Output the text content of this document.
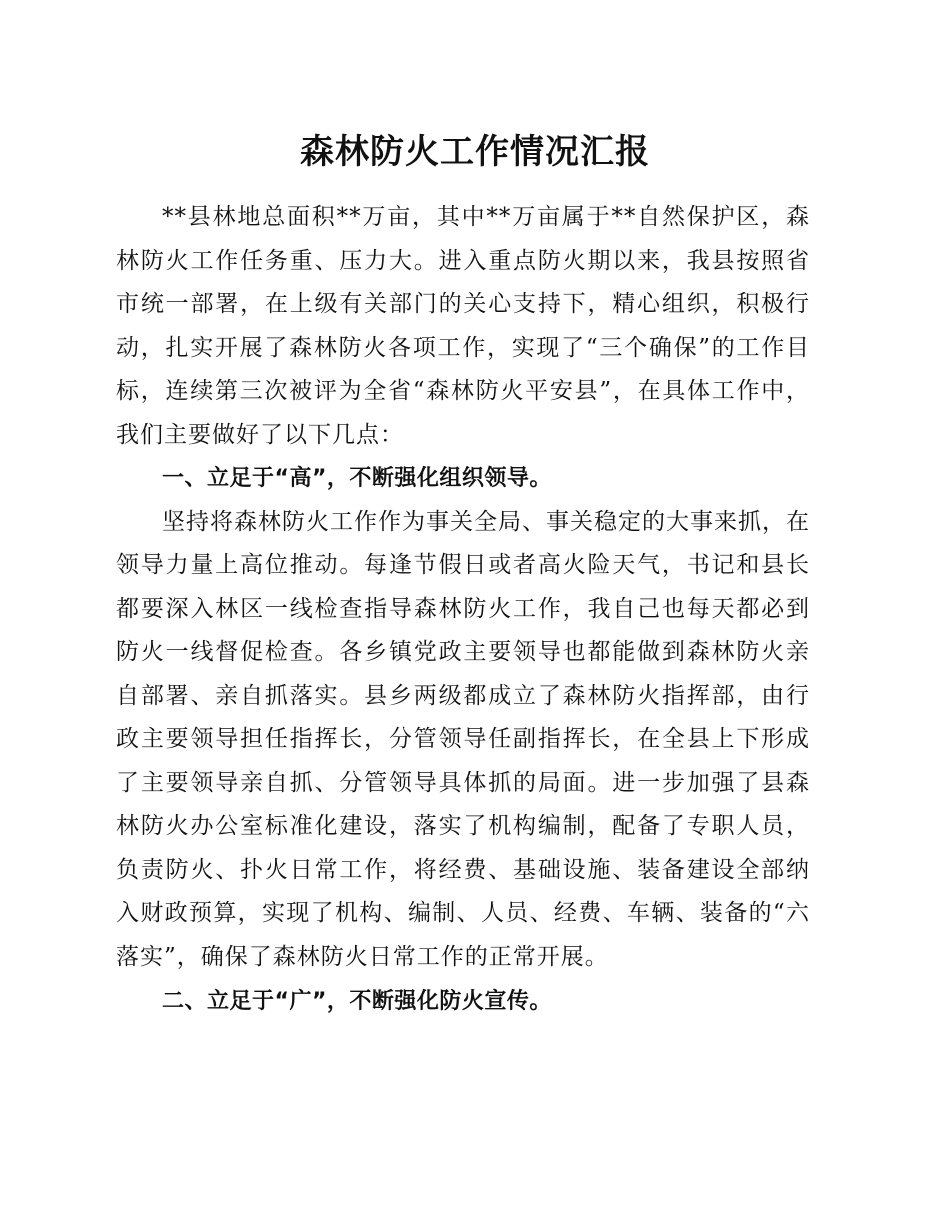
森林防火工作情况汇报

**县林地总面积**万亩，其中**万亩属于**自然保护区，森林防火工作任务重、压力大。进入重点防火期以来，我县按照省市统一部署，在上级有关部门的关心支持下，精心组织，积极行动，扎实开展了森林防火各项工作，实现了“三个确保”的工作目标，连续第三次被评为全省“森林防火平安县”，在具体工作中，我们主要做好了以下几点：

一、立足于“高”，不断强化组织领导。

坚持将森林防火工作作为事关全局、事关稳定的大事来抓，在领导力量上高位推动。每逢节假日或者高火险天气，书记和县长都要深入林区一线检查指导森林防火工作，我自己也每天都必到防火一线督促检查。各乡镇党政主要领导也都能做到森林防火亲自部署、亲自抓落实。县乡两级都成立了森林防火指挥部，由行政主要领导担任指挥长，分管领导任副指挥长，在全县上下形成了主要领导亲自抓、分管领导具体抓的局面。进一步加强了县森林防火办公室标准化建设，落实了机构编制，配备了专职人员，负责防火、扑火日常工作，将经费、基础设施、装备建设全部纳入财政预算，实现了机构、编制、人员、经费、车辆、装备的“六落实”，确保了森林防火日常工作的正常开展。

二、立足于“广”，不断强化防火宣传。
